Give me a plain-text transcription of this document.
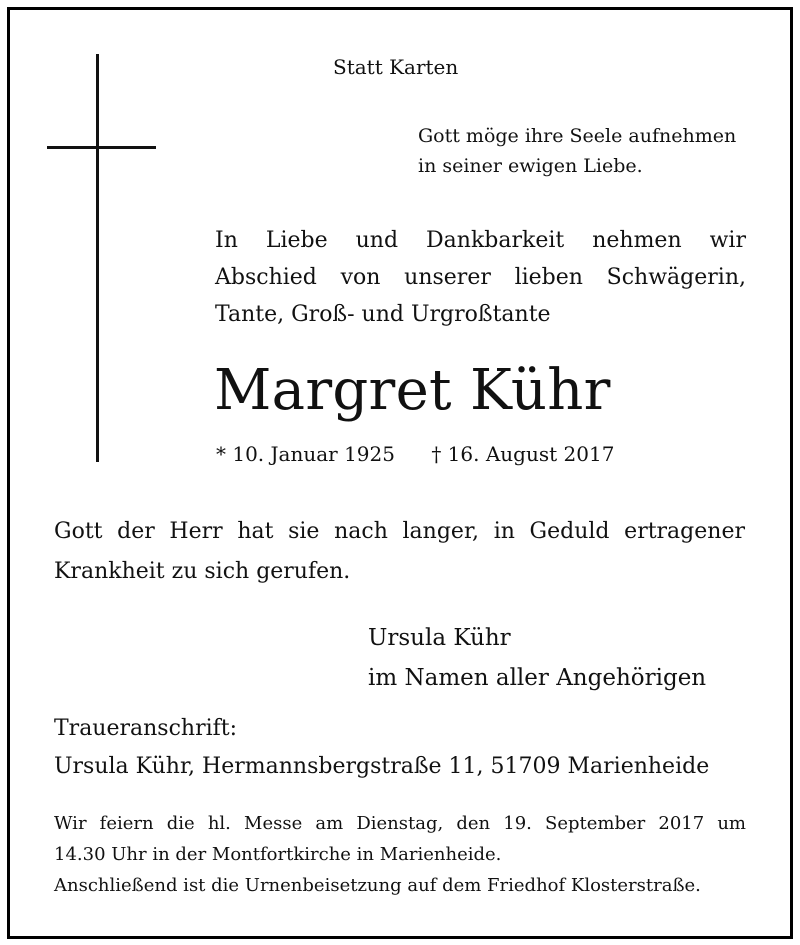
Statt Karten

Gott möge ihre Seele aufnehmen
in seiner ewigen Liebe.
In Liebe und Dankbarkeit nehmen wir
Abschied von unserer lieben Schwägerin,
Tante, Groß- und Urgroßtante
Margret Kühr
* 10. Januar 1925 † 16. August 2017
Gott der Herr hat sie nach langer, in Geduld ertragener
Krankheit zu sich gerufen.
Ursula Kühr
im Namen aller Angehörigen
Traueranschrift:
Ursula Kühr, Hermannsbergstraße 11, 51709 Marienheide
Wir feiern die hl. Messe am Dienstag, den 19. September 2017 um
14.30 Uhr in der Montfortkirche in Marienheide.
Anschließend ist die Urnenbeisetzung auf dem Friedhof Klosterstraße.
